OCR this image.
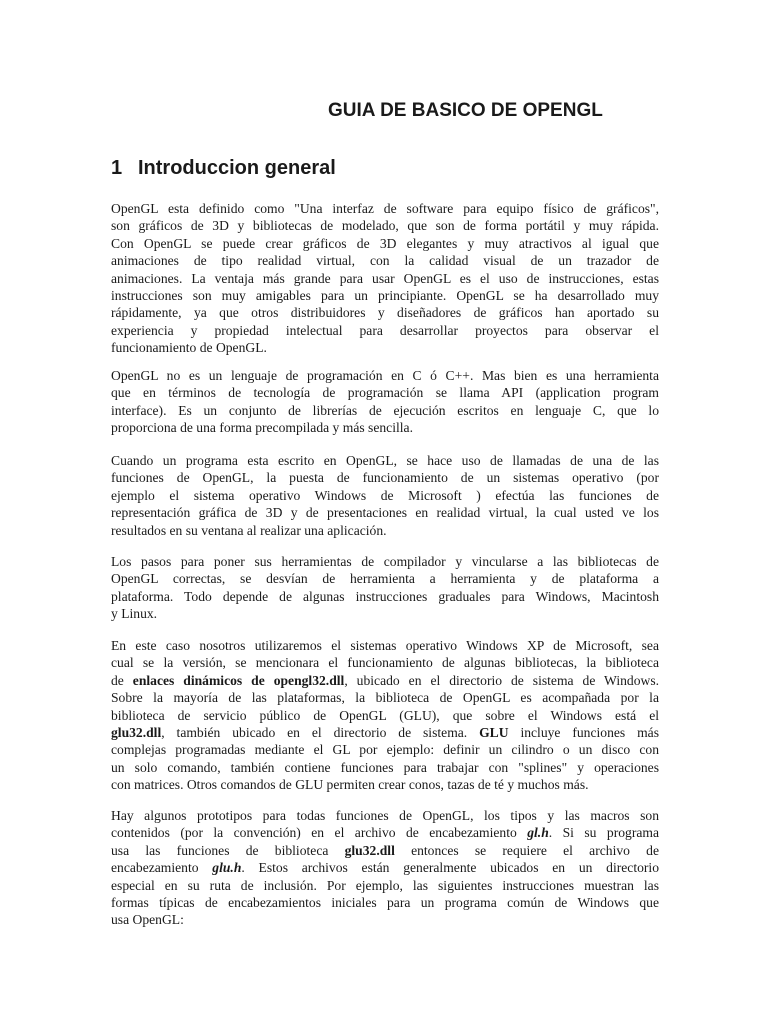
GUIA DE BASICO DE OPENGL
1 Introduccion general
OpenGL esta definido como "Una interfaz de software para equipo físico de gráficos",
son gráficos de 3D y bibliotecas de modelado, que son de forma portátil y muy rápida.
Con OpenGL se puede crear gráficos de 3D elegantes y muy atractivos al igual que
animaciones de tipo realidad virtual, con la calidad visual de un trazador de
animaciones. La ventaja más grande para usar OpenGL es el uso de instrucciones, estas
instrucciones son muy amigables para un principiante. OpenGL se ha desarrollado muy
rápidamente, ya que otros distribuidores y diseñadores de gráficos han aportado su
experiencia y propiedad intelectual para desarrollar proyectos para observar el
funcionamiento de OpenGL.
OpenGL no es un lenguaje de programación en C ó C++. Mas bien es una herramienta
que en términos de tecnología de programación se llama API (application program
interface). Es un conjunto de librerías de ejecución escritos en lenguaje C, que lo
proporciona de una forma precompilada y más sencilla.
Cuando un programa esta escrito en OpenGL, se hace uso de llamadas de una de las
funciones de OpenGL, la puesta de funcionamiento de un sistemas operativo (por
ejemplo el sistema operativo Windows de Microsoft ) efectúa las funciones de
representación gráfica de 3D y de presentaciones en realidad virtual, la cual usted ve los
resultados en su ventana al realizar una aplicación.
Los pasos para poner sus herramientas de compilador y vincularse a las bibliotecas de
OpenGL correctas, se desvían de herramienta a herramienta y de plataforma a
plataforma. Todo depende de algunas instrucciones graduales para Windows, Macintosh
y Linux.
En este caso nosotros utilizaremos el sistemas operativo Windows XP de Microsoft, sea
cual se la versión, se mencionara el funcionamiento de algunas bibliotecas, la biblioteca
de enlaces dinámicos de opengl32.dll, ubicado en el directorio de sistema de Windows.
Sobre la mayoría de las plataformas, la biblioteca de OpenGL es acompañada por la
biblioteca de servicio público de OpenGL (GLU), que sobre el Windows está el
glu32.dll, también ubicado en el directorio de sistema. GLU incluye funciones más
complejas programadas mediante el GL por ejemplo: definir un cilindro o un disco con
un solo comando, también contiene funciones para trabajar con "splines" y operaciones
con matrices. Otros comandos de GLU permiten crear conos, tazas de té y muchos más.
Hay algunos prototipos para todas funciones de OpenGL, los tipos y las macros son
contenidos (por la convención) en el archivo de encabezamiento gl.h. Si su programa
usa las funciones de biblioteca glu32.dll entonces se requiere el archivo de
encabezamiento glu.h. Estos archivos están generalmente ubicados en un directorio
especial en su ruta de inclusión. Por ejemplo, las siguientes instrucciones muestran las
formas típicas de encabezamientos iniciales para un programa común de Windows que
usa OpenGL:
